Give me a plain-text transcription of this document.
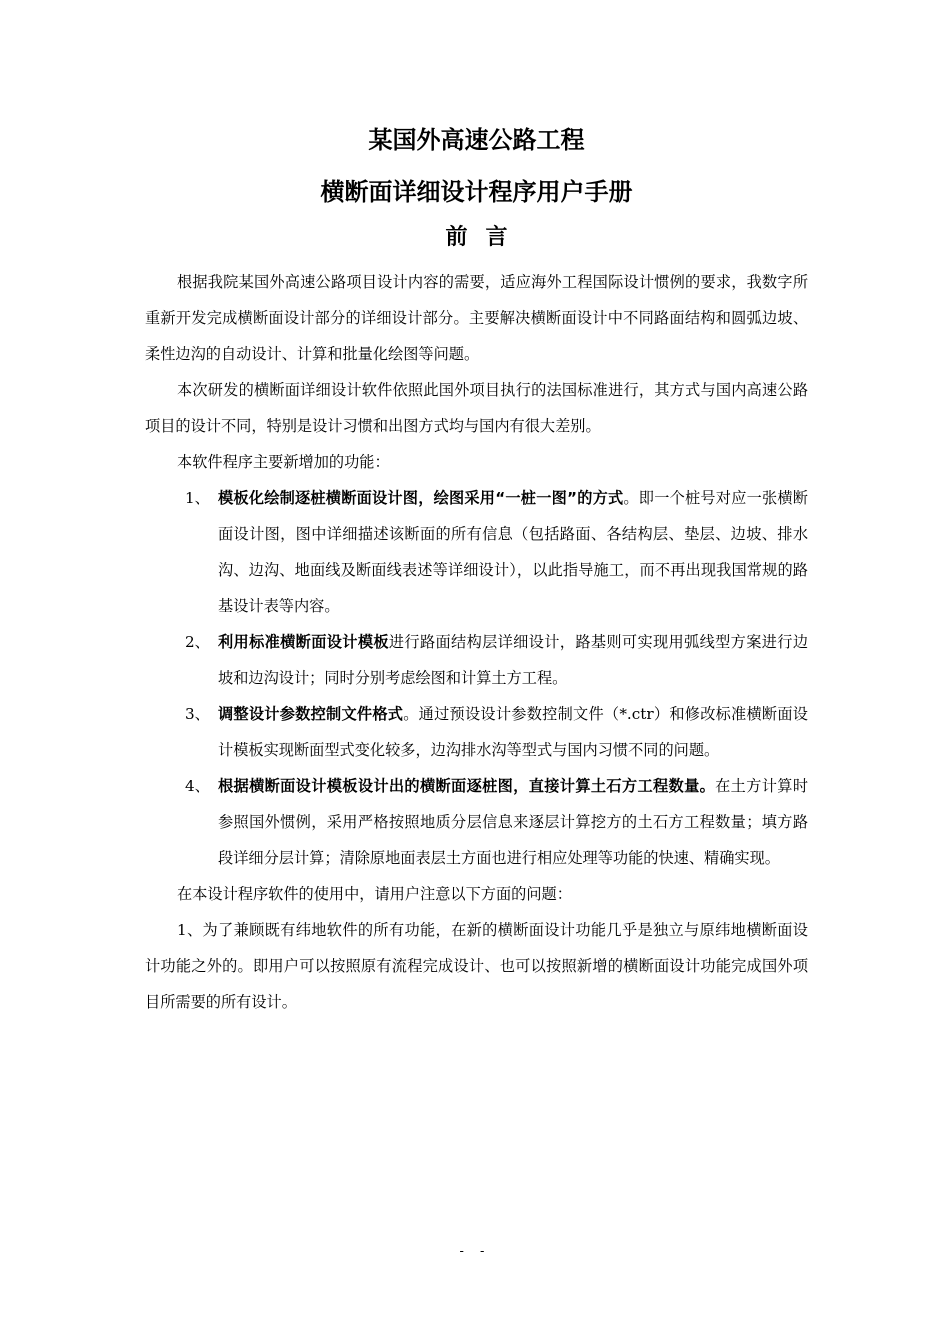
某国外高速公路工程
横断面详细设计程序用户手册
前言

根据我院某国外高速公路项目设计内容的需要，适应海外工程国际设计惯例的要求，我数字所重新开发完成横断面设计部分的详细设计部分。主要解决横断面设计中不同路面结构和圆弧边坡、柔性边沟的自动设计、计算和批量化绘图等问题。

本次研发的横断面详细设计软件依照此国外项目执行的法国标准进行，其方式与国内高速公路项目的设计不同，特别是设计习惯和出图方式均与国内有很大差别。

本软件程序主要新增加的功能：

1、 模板化绘制逐桩横断面设计图，绘图采用“一桩一图”的方式。即一个桩号对应一张横断面设计图，图中详细描述该断面的所有信息（包括路面、各结构层、垫层、边坡、排水沟、边沟、地面线及断面线表述等详细设计），以此指导施工，而不再出现我国常规的路基设计表等内容。
2、 利用标准横断面设计模板进行路面结构层详细设计，路基则可实现用弧线型方案进行边坡和边沟设计；同时分别考虑绘图和计算土方工程。
3、 调整设计参数控制文件格式。通过预设设计参数控制文件（*.ctr）和修改标准横断面设计模板实现断面型式变化较多，边沟排水沟等型式与国内习惯不同的问题。
4、 根据横断面设计模板设计出的横断面逐桩图，直接计算土石方工程数量。在土方计算时参照国外惯例，采用严格按照地质分层信息来逐层计算挖方的土石方工程数量；填方路段详细分层计算；清除原地面表层土方面也进行相应处理等功能的快速、精确实现。

在本设计程序软件的使用中，请用户注意以下方面的问题：

1、为了兼顾既有纬地软件的所有功能，在新的横断面设计功能几乎是独立与原纬地横断面设计功能之外的。即用户可以按照原有流程完成设计、也可以按照新增的横断面设计功能完成国外项目所需要的所有设计。

- -
